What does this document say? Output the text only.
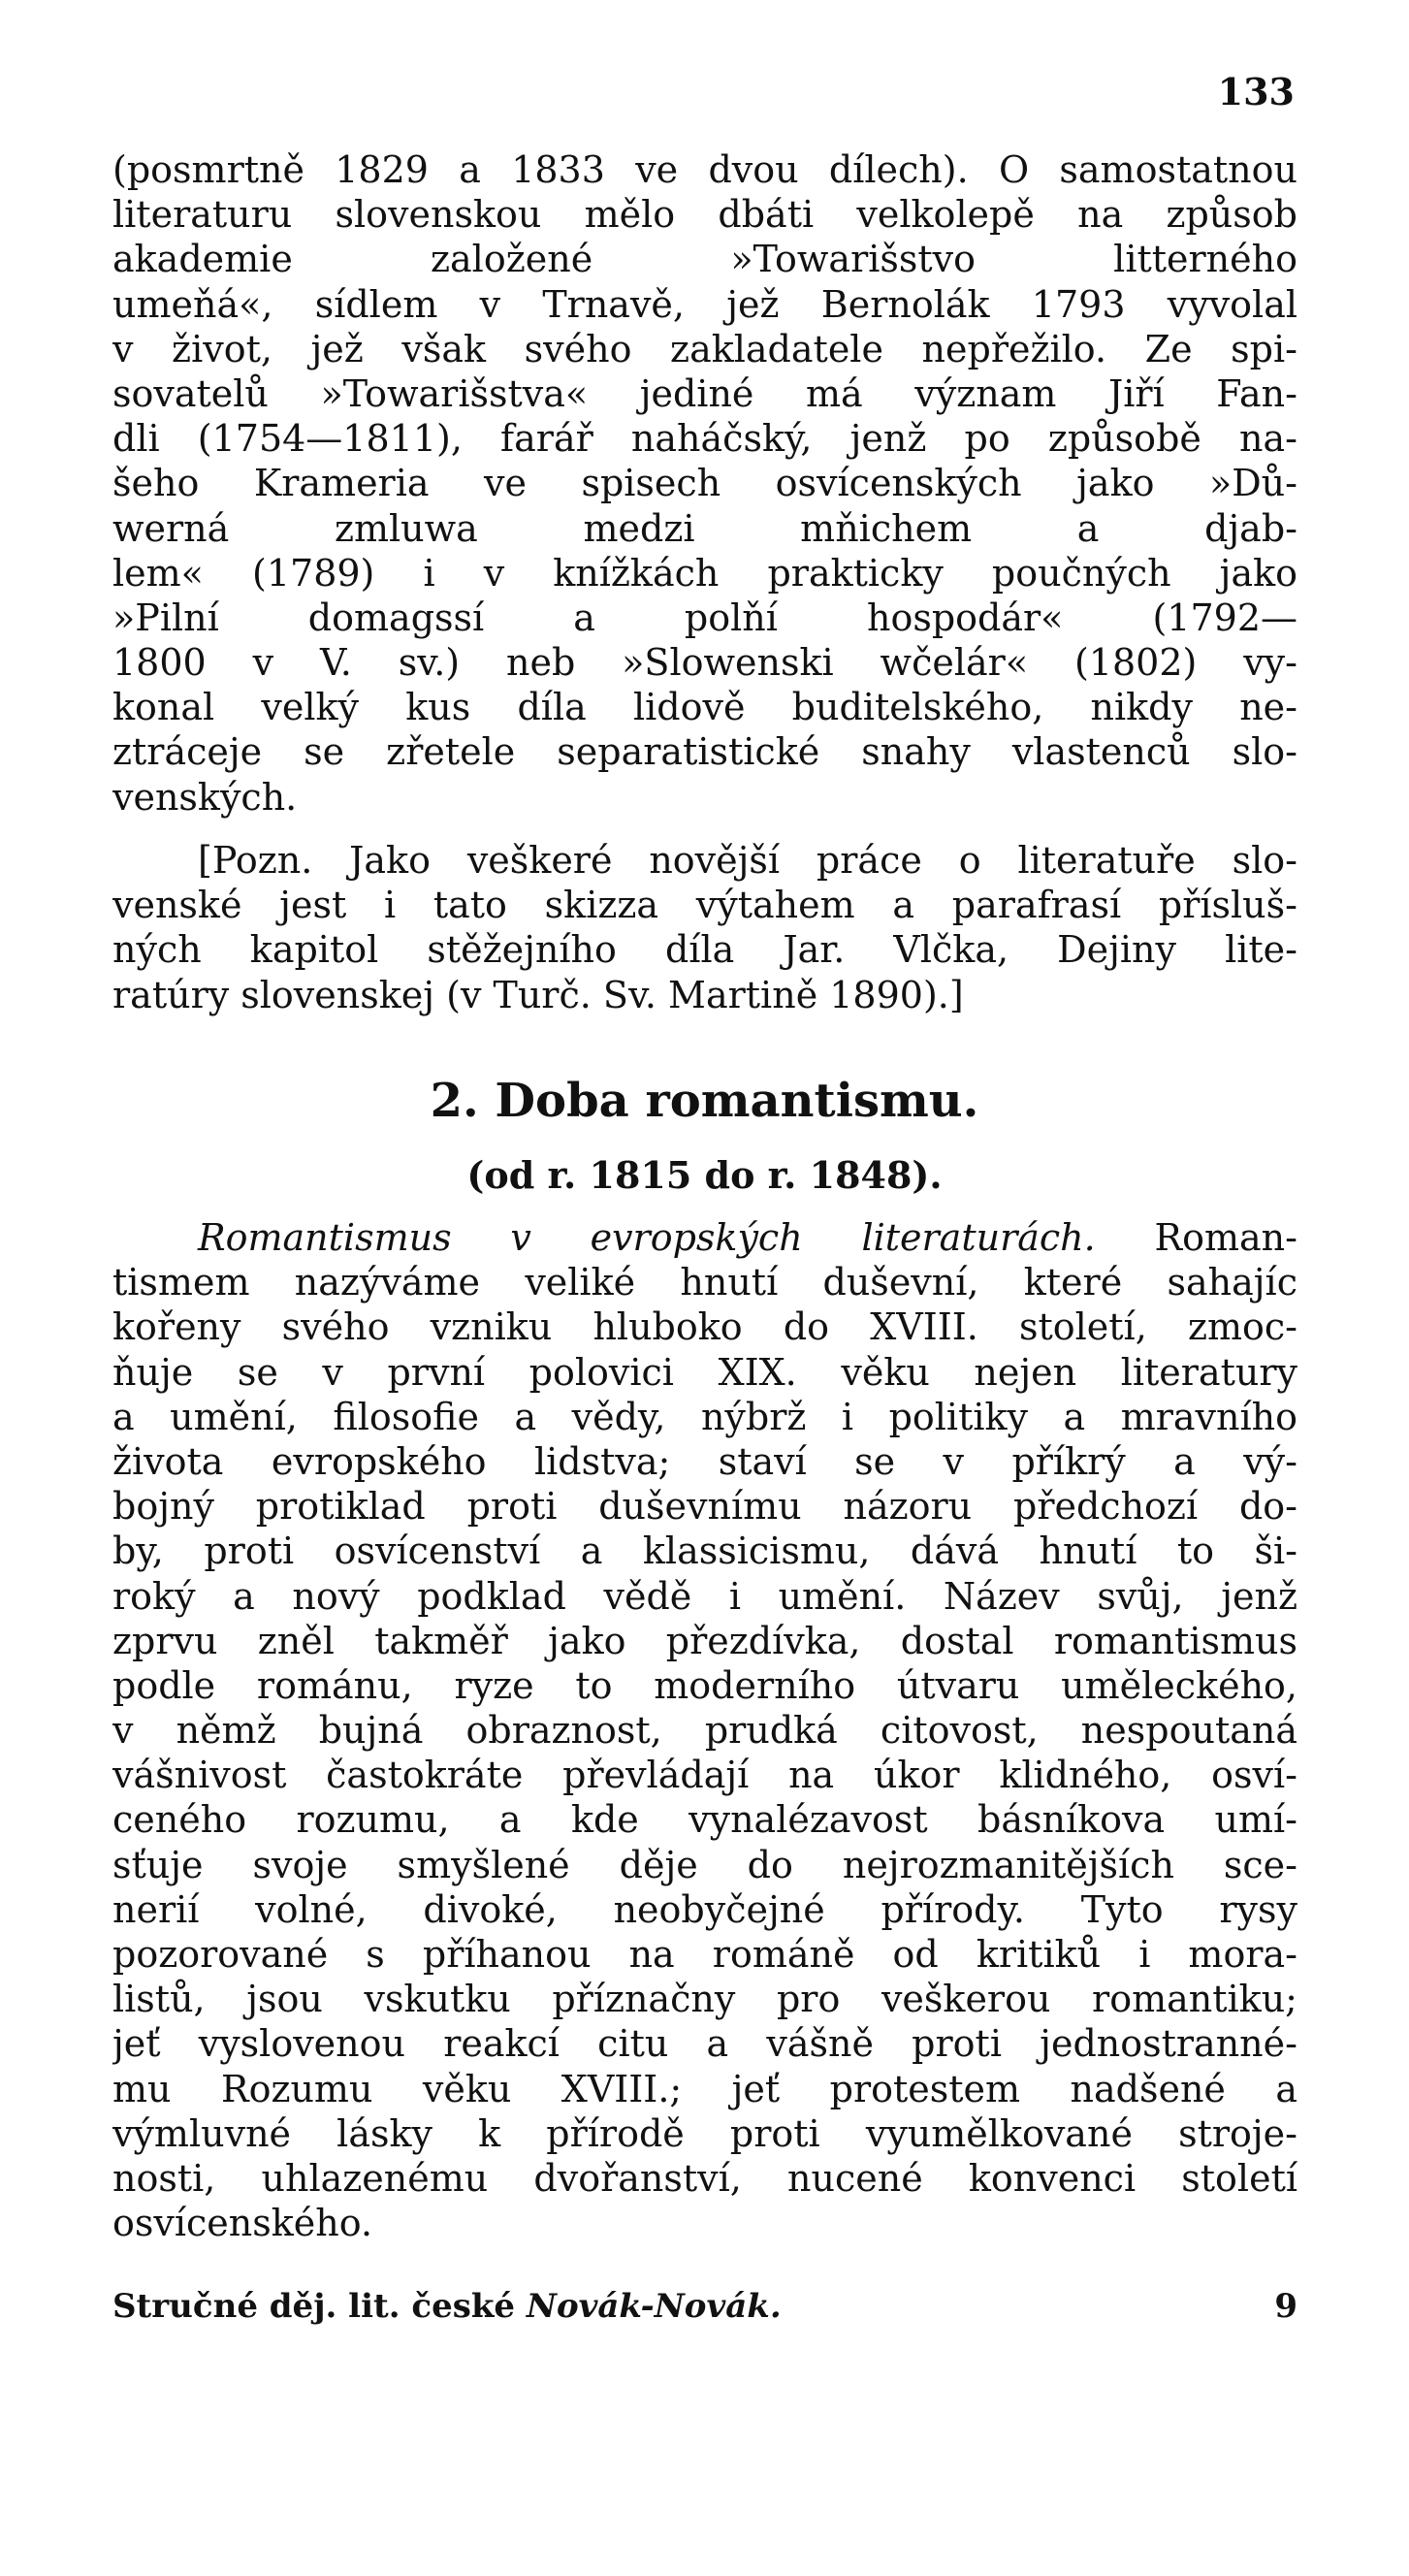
133
(posmrtně 1829 a 1833 ve dvou dílech). O samostatnou
literaturu slovenskou mělo dbáti velkolepě na způsob
akademie založené »Towarišstvo litterného
umeňá«, sídlem v Trnavě, jež Bernolák 1793 vyvolal
v život, jež však svého zakladatele nepřežilo. Ze spi-
sovatelů »Towarišstva« jediné má význam Jiří Fan-
dli (1754—1811), farář naháčský, jenž po způsobě na-
šeho Krameria ve spisech osvícenských jako »Dů-
werná zmluwa medzi mňichem a djab-
lem« (1789) i v knížkách prakticky poučných jako
»Pilní domagssí a polňí hospodár« (1792—
1800 v V. sv.) neb »Slowenski wčelár« (1802) vy-
konal velký kus díla lidově buditelského, nikdy ne-
ztráceje se zřetele separatistické snahy vlastenců slo-
venských.
[Pozn. Jako veškeré novější práce o literatuře slo-
venské jest i tato skizza výtahem a parafrasí přísluš-
ných kapitol stěžejního díla Jar. Vlčka, Dejiny lite-
ratúry slovenskej (v Turč. Sv. Martině 1890).]
2. Doba romantismu.
(od r. 1815 do r. 1848).
Romantismus v evropských literaturách. Roman-
tismem nazýváme veliké hnutí duševní, které sahajíc
kořeny svého vzniku hluboko do XVIII. století, zmoc-
ňuje se v první polovici XIX. věku nejen literatury
a umění, filosofie a vědy, nýbrž i politiky a mravního
života evropského lidstva; staví se v příkrý a vý-
bojný protiklad proti duševnímu názoru předchozí do-
by, proti osvícenství a klassicismu, dává hnutí to ši-
roký a nový podklad vědě i umění. Název svůj, jenž
zprvu zněl takměř jako přezdívka, dostal romantismus
podle románu, ryze to moderního útvaru uměleckého,
v němž bujná obraznost, prudká citovost, nespoutaná
vášnivost častokráte převládají na úkor klidného, osví-
ceného rozumu, a kde vynalézavost básníkova umí-
sťuje svoje smyšlené děje do nejrozmanitějších sce-
nerií volné, divoké, neobyčejné přírody. Tyto rysy
pozorované s příhanou na románě od kritiků i mora-
listů, jsou vskutku příznačny pro veškerou romantiku;
jeť vyslovenou reakcí citu a vášně proti jednostranné-
mu Rozumu věku XVIII.; jeť protestem nadšené a
výmluvné lásky k přírodě proti vyumělkované stroje-
nosti, uhlazenému dvořanství, nucené konvenci století
osvícenského.
Stručné děj. lit. české Novák-Novák.	9
